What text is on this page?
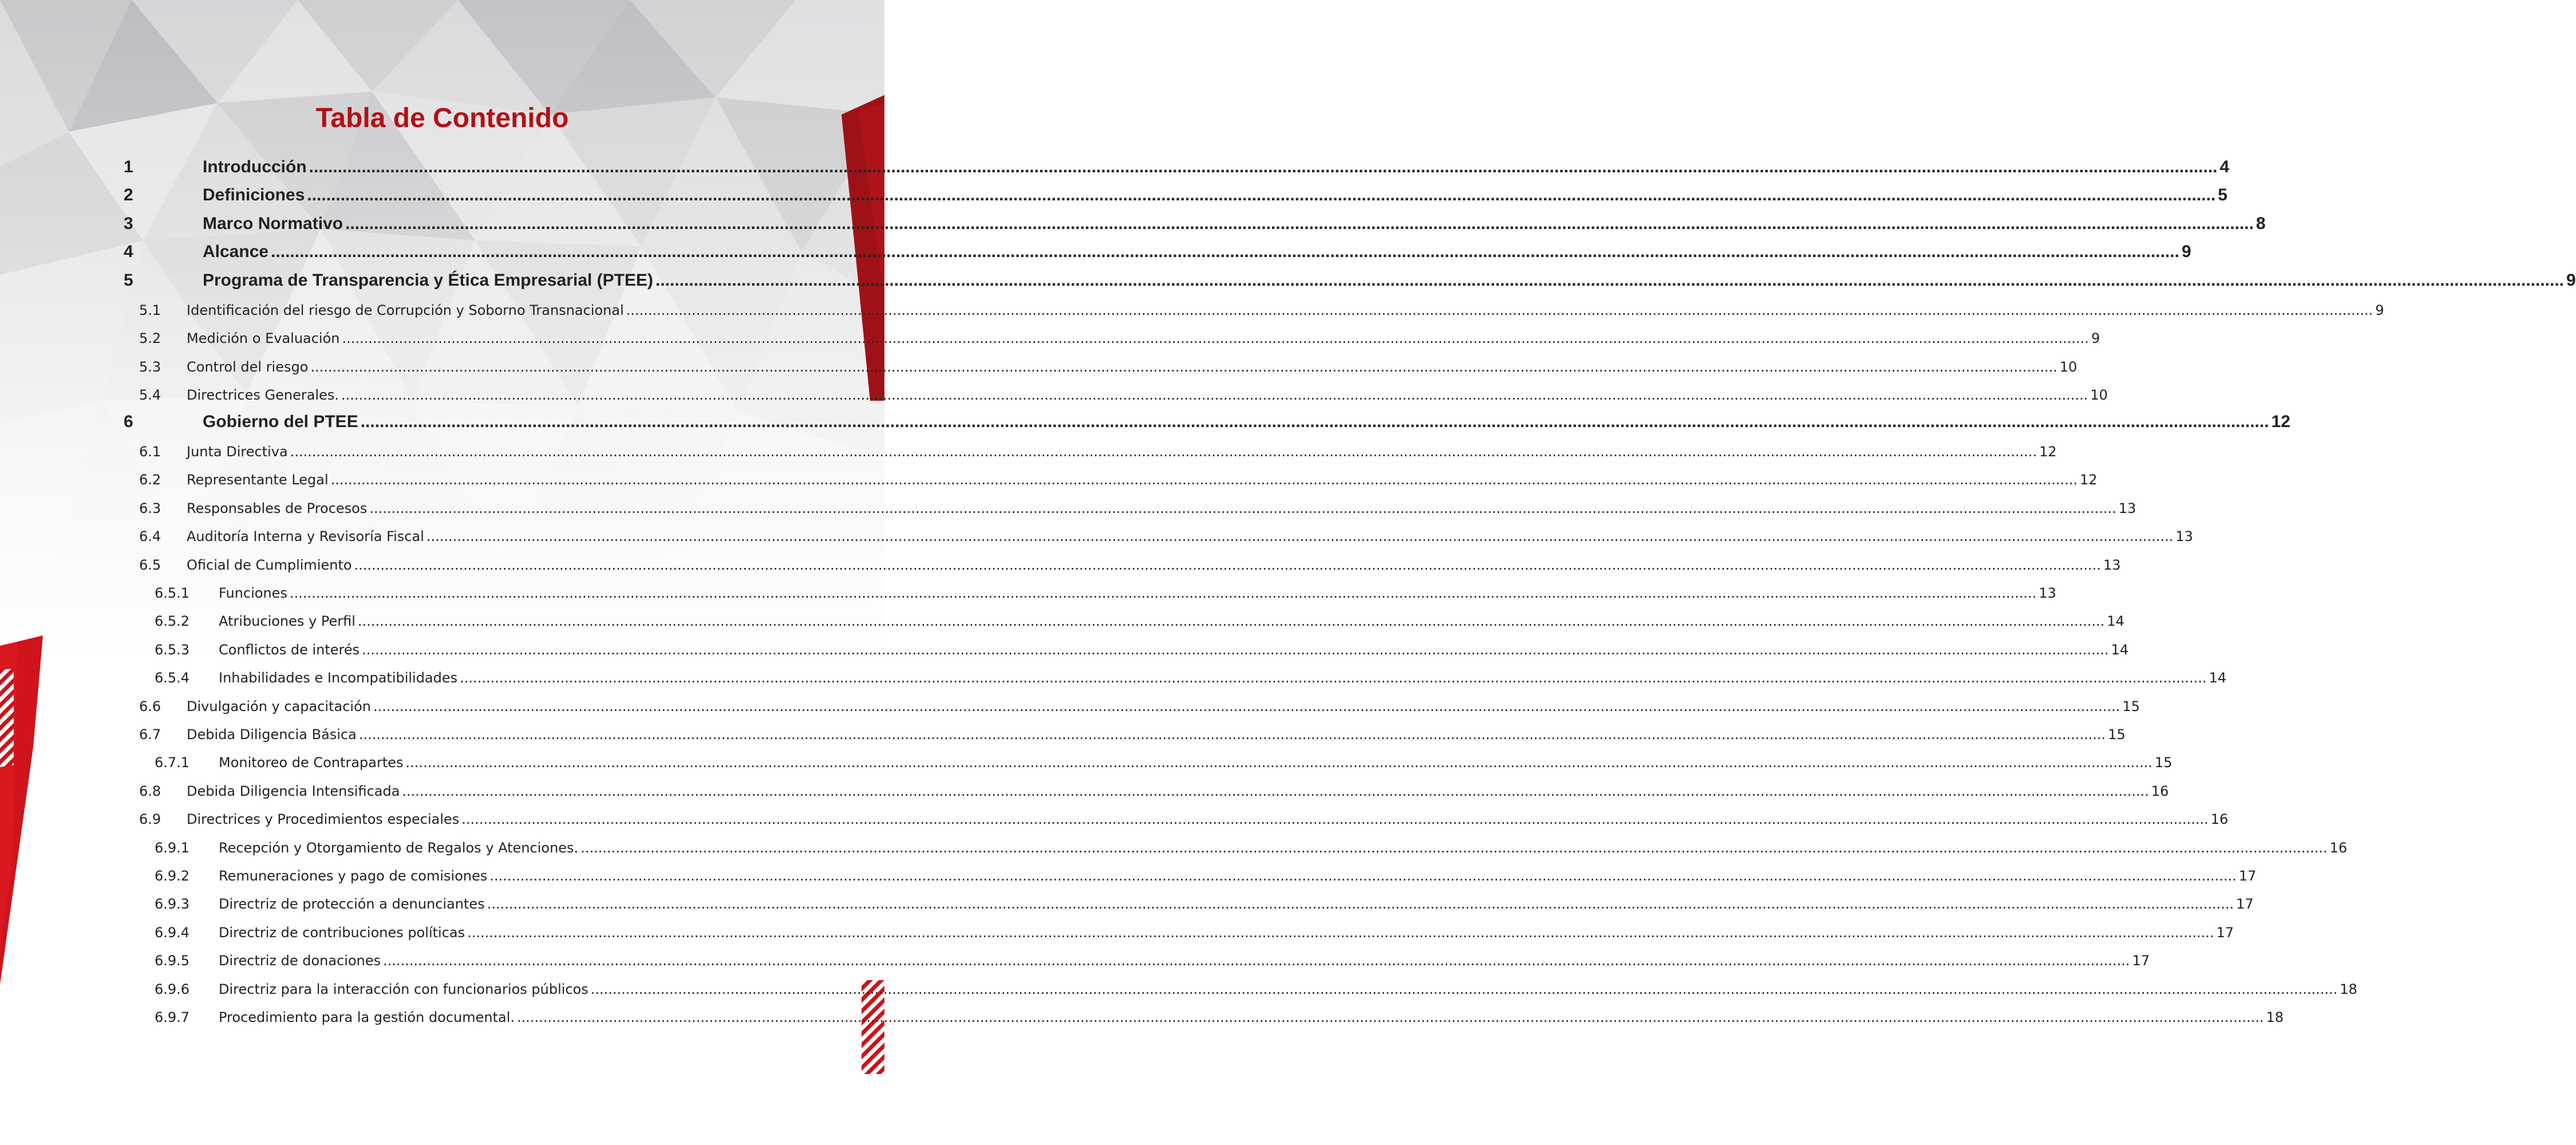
Tabla de Contenido
1	Introducción ................................................................................................................................................................................................................................................................................................................................................................................................................ 4
2	Definiciones ................................................................................................................................................................................................................................................................................................................................................................................................................ 5
3	Marco Normativo ................................................................................................................................................................................................................................................................................................................................................................................................................ 8
4	Alcance ................................................................................................................................................................................................................................................................................................................................................................................................................ 9
5	Programa de Transparencia y Ética Empresarial (PTEE) ................................................................................................................................................................................................................................................................................................................................................................................................................ 9
5.1 Identificación del riesgo de Corrupción y Soborno Transnacional ................................................................................................................................................................................................................................................................................................................................................................................................................ 9
5.2 Medición o Evaluación ................................................................................................................................................................................................................................................................................................................................................................................................................ 9
5.3 Control del riesgo ................................................................................................................................................................................................................................................................................................................................................................................................................ 10
5.4 Directrices Generales. ................................................................................................................................................................................................................................................................................................................................................................................................................ 10
6	Gobierno del PTEE ................................................................................................................................................................................................................................................................................................................................................................................................................ 12
6.1 Junta Directiva ................................................................................................................................................................................................................................................................................................................................................................................................................ 12
6.2 Representante Legal ................................................................................................................................................................................................................................................................................................................................................................................................................ 12
6.3 Responsables de Procesos ................................................................................................................................................................................................................................................................................................................................................................................................................ 13
6.4 Auditoría Interna y Revisoría Fiscal ................................................................................................................................................................................................................................................................................................................................................................................................................ 13
6.5 Oficial de Cumplimiento ................................................................................................................................................................................................................................................................................................................................................................................................................ 13
6.5.1 Funciones ................................................................................................................................................................................................................................................................................................................................................................................................................ 13
6.5.2 Atribuciones y Perfil ................................................................................................................................................................................................................................................................................................................................................................................................................ 14
6.5.3 Conflictos de interés ................................................................................................................................................................................................................................................................................................................................................................................................................ 14
6.5.4 Inhabilidades e Incompatibilidades ................................................................................................................................................................................................................................................................................................................................................................................................................ 14
6.6 Divulgación y capacitación ................................................................................................................................................................................................................................................................................................................................................................................................................ 15
6.7 Debida Diligencia Básica ................................................................................................................................................................................................................................................................................................................................................................................................................ 15
6.7.1 Monitoreo de Contrapartes ................................................................................................................................................................................................................................................................................................................................................................................................................ 15
6.8 Debida Diligencia Intensificada ................................................................................................................................................................................................................................................................................................................................................................................................................ 16
6.9 Directrices y Procedimientos especiales ................................................................................................................................................................................................................................................................................................................................................................................................................ 16
6.9.1 Recepción y Otorgamiento de Regalos y Atenciones. ................................................................................................................................................................................................................................................................................................................................................................................................................ 16
6.9.2 Remuneraciones y pago de comisiones ................................................................................................................................................................................................................................................................................................................................................................................................................ 17
6.9.3 Directriz de protección a denunciantes ................................................................................................................................................................................................................................................................................................................................................................................................................ 17
6.9.4 Directriz de contribuciones políticas ................................................................................................................................................................................................................................................................................................................................................................................................................ 17
6.9.5 Directriz de donaciones ................................................................................................................................................................................................................................................................................................................................................................................................................ 17
6.9.6 Directriz para la interacción con funcionarios públicos ................................................................................................................................................................................................................................................................................................................................................................................................................ 18
6.9.7 Procedimiento para la gestión documental. ................................................................................................................................................................................................................................................................................................................................................................................................................ 18
